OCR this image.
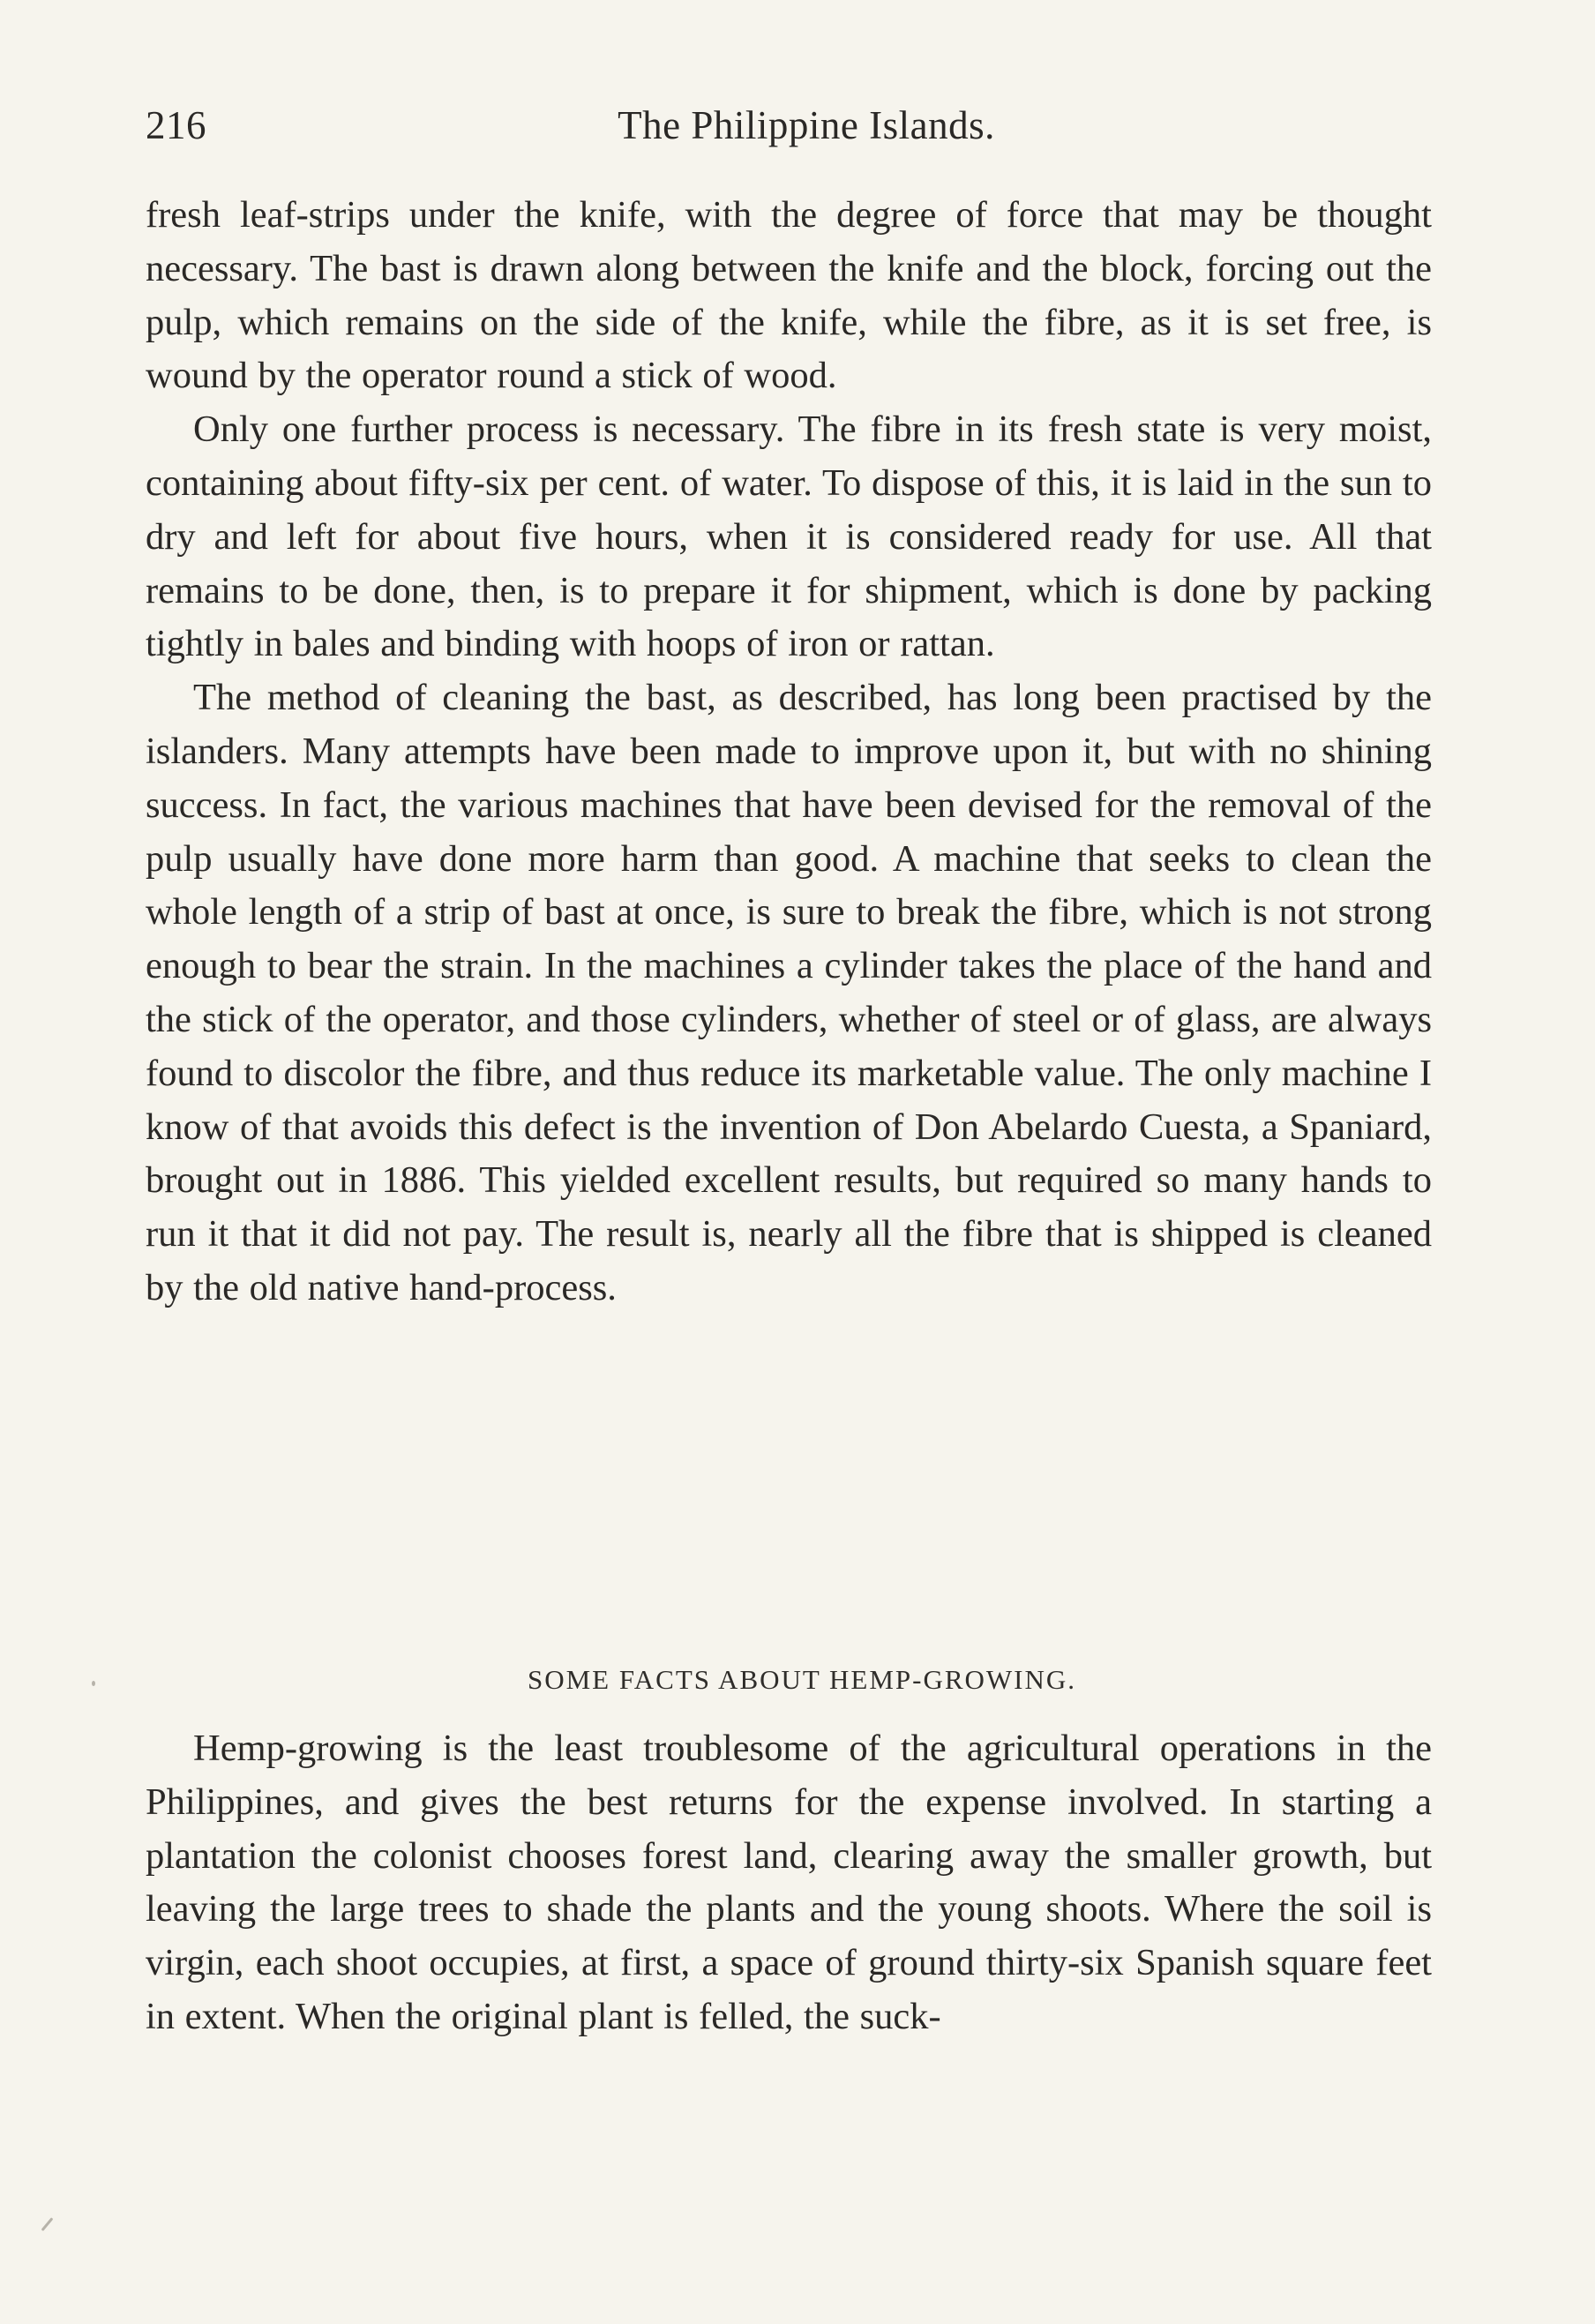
216	The Philippine Islands.

fresh leaf-strips under the knife, with the degree of force that may be thought necessary. The bast is drawn along between the knife and the block, forcing out the pulp, which remains on the side of the knife, while the fibre, as it is set free, is wound by the operator round a stick of wood.

Only one further process is necessary. The fibre in its fresh state is very moist, containing about fifty-six per cent. of water. To dispose of this, it is laid in the sun to dry and left for about five hours, when it is considered ready for use. All that remains to be done, then, is to prepare it for shipment, which is done by packing tightly in bales and binding with hoops of iron or rattan.

The method of cleaning the bast, as described, has long been practised by the islanders. Many attempts have been made to improve upon it, but with no shining success. In fact, the various machines that have been devised for the removal of the pulp usually have done more harm than good. A machine that seeks to clean the whole length of a strip of bast at once, is sure to break the fibre, which is not strong enough to bear the strain. In the machines a cylinder takes the place of the hand and the stick of the operator, and those cylinders, whether of steel or of glass, are always found to discolor the fibre, and thus reduce its marketable value. The only machine I know of that avoids this defect is the invention of Don Abelardo Cuesta, a Spaniard, brought out in 1886. This yielded excellent results, but required so many hands to run it that it did not pay. The result is, nearly all the fibre that is shipped is cleaned by the old native hand-process.

SOME FACTS ABOUT HEMP-GROWING.

Hemp-growing is the least troublesome of the agricultural operations in the Philippines, and gives the best returns for the expense involved. In starting a plantation the colonist chooses forest land, clearing away the smaller growth, but leaving the large trees to shade the plants and the young shoots. Where the soil is virgin, each shoot occupies, at first, a space of ground thirty-six Spanish square feet in extent. When the original plant is felled, the suck-
